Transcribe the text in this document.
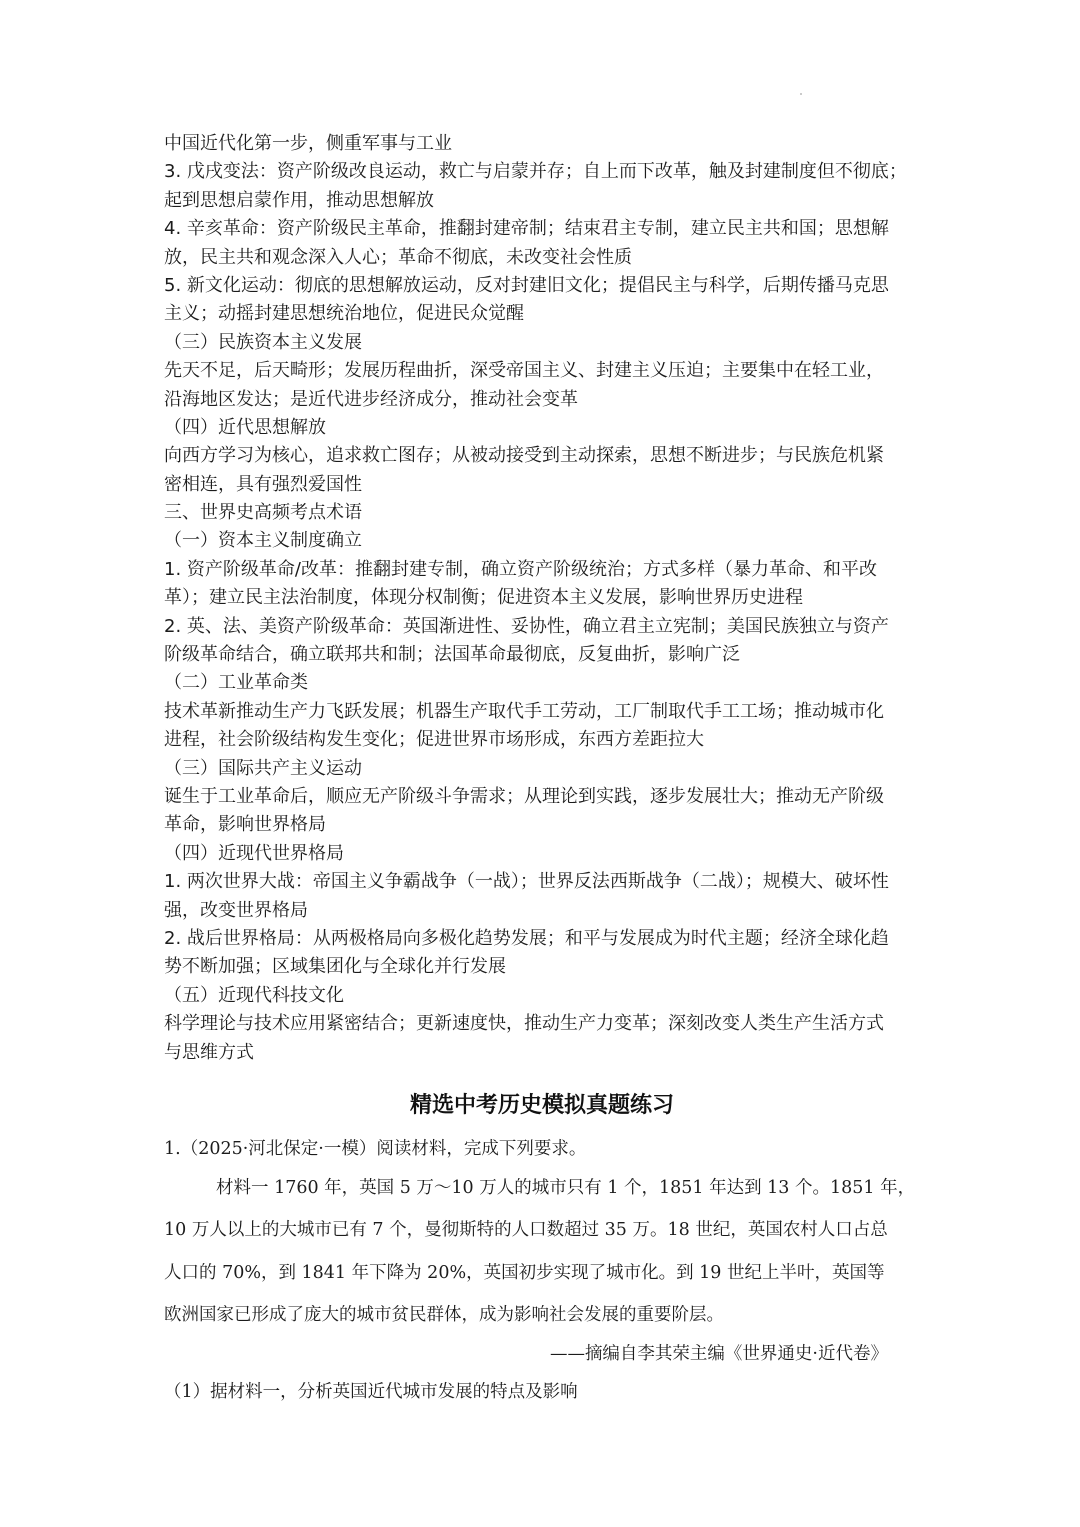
中国近代化第一步，侧重军事与工业
3. 戊戌变法：资产阶级改良运动，救亡与启蒙并存；自上而下改革，触及封建制度但不彻底；
起到思想启蒙作用，推动思想解放
4. 辛亥革命：资产阶级民主革命，推翻封建帝制；结束君主专制，建立民主共和国；思想解
放，民主共和观念深入人心；革命不彻底，未改变社会性质
5. 新文化运动：彻底的思想解放运动，反对封建旧文化；提倡民主与科学，后期传播马克思
主义；动摇封建思想统治地位，促进民众觉醒
（三）民族资本主义发展
先天不足，后天畸形；发展历程曲折，深受帝国主义、封建主义压迫；主要集中在轻工业，
沿海地区发达；是近代进步经济成分，推动社会变革
（四）近代思想解放
向西方学习为核心，追求救亡图存；从被动接受到主动探索，思想不断进步；与民族危机紧
密相连，具有强烈爱国性
三、世界史高频考点术语
（一）资本主义制度确立
1. 资产阶级革命/改革：推翻封建专制，确立资产阶级统治；方式多样（暴力革命、和平改
革）；建立民主法治制度，体现分权制衡；促进资本主义发展，影响世界历史进程
2. 英、法、美资产阶级革命：英国渐进性、妥协性，确立君主立宪制；美国民族独立与资产
阶级革命结合，确立联邦共和制；法国革命最彻底，反复曲折，影响广泛
（二）工业革命类
技术革新推动生产力飞跃发展；机器生产取代手工劳动，工厂制取代手工工场；推动城市化
进程，社会阶级结构发生变化；促进世界市场形成，东西方差距拉大
（三）国际共产主义运动
诞生于工业革命后，顺应无产阶级斗争需求；从理论到实践，逐步发展壮大；推动无产阶级
革命，影响世界格局
（四）近现代世界格局
1. 两次世界大战：帝国主义争霸战争（一战）；世界反法西斯战争（二战）；规模大、破坏性
强，改变世界格局
2. 战后世界格局：从两极格局向多极化趋势发展；和平与发展成为时代主题；经济全球化趋
势不断加强；区域集团化与全球化并行发展
（五）近现代科技文化
科学理论与技术应用紧密结合；更新速度快，推动生产力变革；深刻改变人类生产生活方式
与思维方式
精选中考历史模拟真题练习
1.（2025·河北保定·一模）阅读材料，完成下列要求。
材料一 1760 年，英国 5 万～10 万人的城市只有 1 个，1851 年达到 13 个。1851 年，
10 万人以上的大城市已有 7 个，曼彻斯特的人口数超过 35 万。18 世纪，英国农村人口占总
人口的 70%，到 1841 年下降为 20%，英国初步实现了城市化。到 19 世纪上半叶，英国等
欧洲国家已形成了庞大的城市贫民群体，成为影响社会发展的重要阶层。
——摘编自李其荣主编《世界通史·近代卷》
（1）据材料一，分析英国近代城市发展的特点及影响
